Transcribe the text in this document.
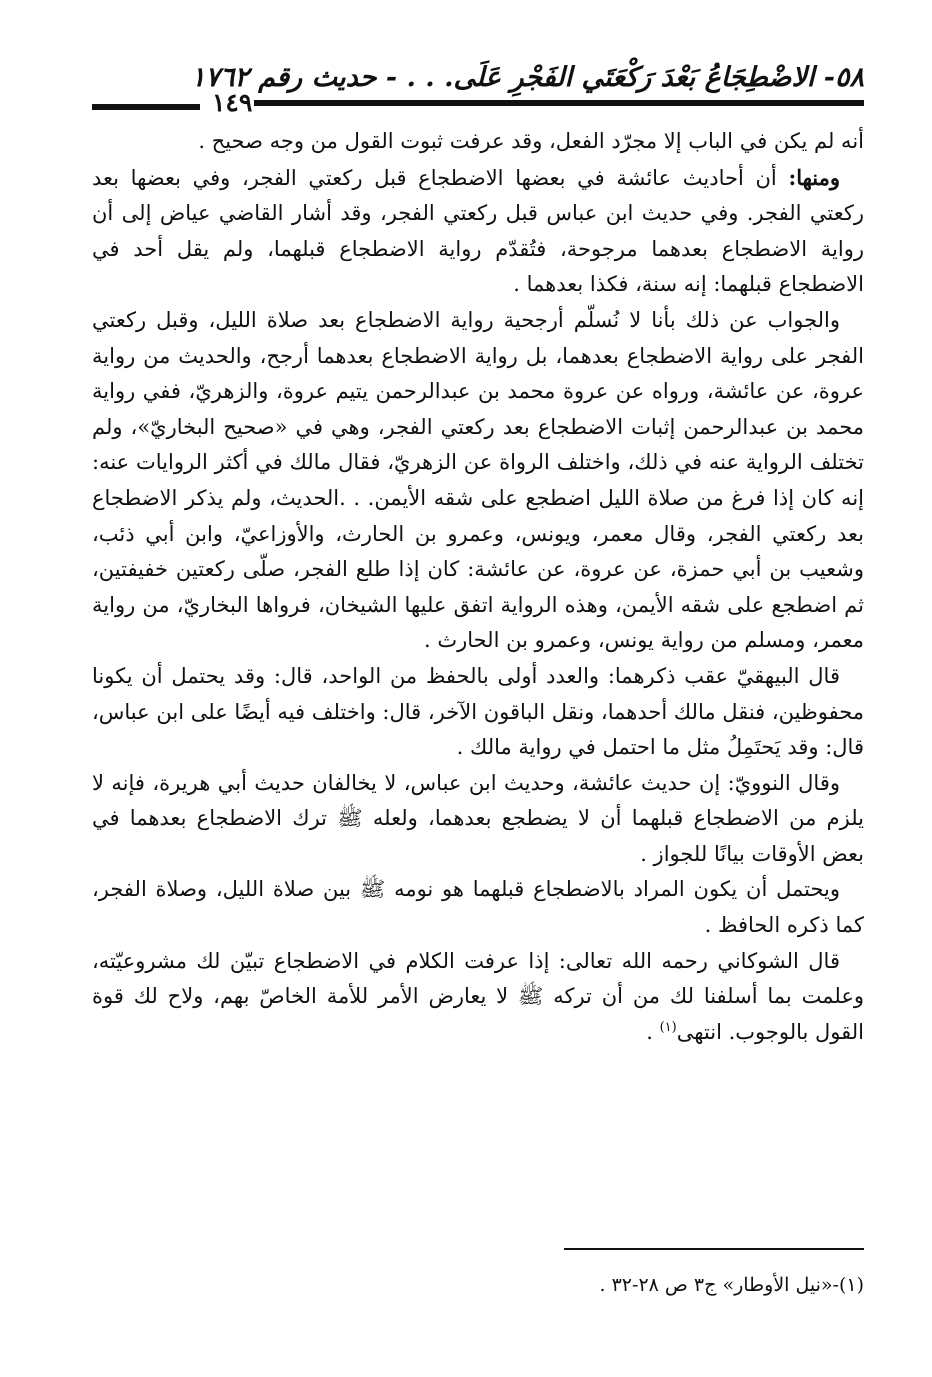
٥٨- الاضْطِجَاعُ بَعْدَ رَكْعَتَي الفَجْرِ عَلَى. . . - حديث رقم ١٧٦٢
١٤٩

أنه لم يكن في الباب إلا مجرّد الفعل، وقد عرفت ثبوت القول من وجه صحيح .

ومنها: أن أحاديث عائشة في بعضها الاضطجاع قبل ركعتي الفجر، وفي بعضها بعد ركعتي الفجر. وفي حديث ابن عباس قبل ركعتي الفجر، وقد أشار القاضي عياض إلى أن رواية الاضطجاع بعدهما مرجوحة، فتُقدّم رواية الاضطجاع قبلهما، ولم يقل أحد في الاضطجاع قبلهما: إنه سنة، فكذا بعدهما .

والجواب عن ذلك بأنا لا نُسلّم أرجحية رواية الاضطجاع بعد صلاة الليل، وقبل ركعتي الفجر على رواية الاضطجاع بعدهما، بل رواية الاضطجاع بعدهما أرجح، والحديث من رواية عروة، عن عائشة، ورواه عن عروة محمد بن عبدالرحمن يتيم عروة، والزهريّ، ففي رواية محمد بن عبدالرحمن إثبات الاضطجاع بعد ركعتي الفجر، وهي في «صحيح البخاريّ»، ولم تختلف الرواية عنه في ذلك، واختلف الرواة عن الزهريّ، فقال مالك في أكثر الروايات عنه: إنه كان إذا فرغ من صلاة الليل اضطجع على شقه الأيمن. . .الحديث، ولم يذكر الاضطجاع بعد ركعتي الفجر، وقال معمر، ويونس، وعمرو بن الحارث، والأوزاعيّ، وابن أبي ذئب، وشعيب بن أبي حمزة، عن عروة، عن عائشة: كان إذا طلع الفجر، صلّى ركعتين خفيفتين، ثم اضطجع على شقه الأيمن، وهذه الرواية اتفق عليها الشيخان، فرواها البخاريّ، من رواية معمر، ومسلم من رواية يونس، وعمرو بن الحارث .

قال البيهقيّ عقب ذكرهما: والعدد أولى بالحفظ من الواحد، قال: وقد يحتمل أن يكونا محفوظين، فنقل مالك أحدهما، ونقل الباقون الآخر، قال: واختلف فيه أيضًا على ابن عباس، قال: وقد يَحتَمِلُ مثل ما احتمل في رواية مالك .

وقال النوويّ: إن حديث عائشة، وحديث ابن عباس، لا يخالفان حديث أبي هريرة، فإنه لا يلزم من الاضطجاع قبلهما أن لا يضطجع بعدهما، ولعله ﷺ ترك الاضطجاع بعدهما في بعض الأوقات بيانًا للجواز .

ويحتمل أن يكون المراد بالاضطجاع قبلهما هو نومه ﷺ بين صلاة الليل، وصلاة الفجر، كما ذكره الحافظ .

قال الشوكاني رحمه الله تعالى: إذا عرفت الكلام في الاضطجاع تبيّن لك مشروعيّته، وعلمت بما أسلفنا لك من أن تركه ﷺ لا يعارض الأمر للأمة الخاصّ بهم، ولاح لك قوة القول بالوجوب. انتهى$^{(١)}$ .

(١)-«نيل الأوطار» ج٣ ص ٢٨-٣٢ .
